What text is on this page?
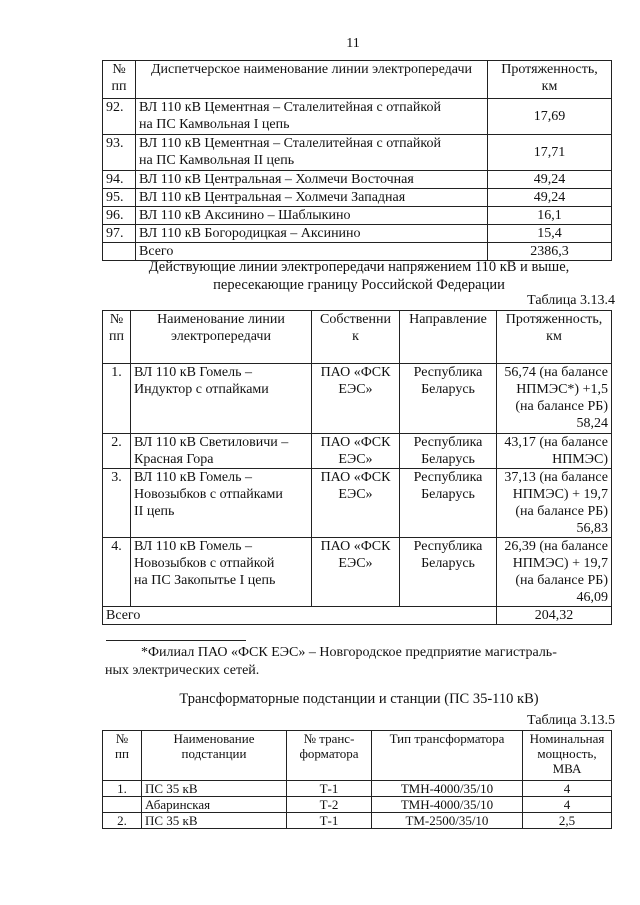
11
№
пп	Диспетчерское наименование линии электропередачи	Протяженность,
км
92.	ВЛ 110 кВ Цементная – Сталелитейная с отпайкой
на ПС Камвольная I цепь	17,69
93.	ВЛ 110 кВ Цементная – Сталелитейная с отпайкой
на ПС Камвольная II цепь	17,71
94.	ВЛ 110 кВ Центральная – Холмечи Восточная	49,24
95.	ВЛ 110 кВ Центральная – Холмечи Западная	49,24
96.	ВЛ 110 кВ Аксинино – Шаблыкино	16,1
97.	ВЛ 110 кВ Богородицкая – Аксинино	15,4
	Всего	2386,3
Действующие линии электропередачи напряжением 110 кВ и выше,
пересекающие границу Российской Федерации
Таблица 3.13.4
№
пп	Наименование линии
электропередачи	Собственни
к	Направление	Протяженность,
км
1.	ВЛ 110 кВ Гомель –
Индуктор с отпайками	ПАО «ФСК
ЕЭС»	Республика
Беларусь	56,74 (на балансе
НПМЭС*) +1,5
(на балансе РБ)
58,24
2.	ВЛ 110 кВ Светиловичи –
Красная Гора	ПАО «ФСК
ЕЭС»	Республика
Беларусь	43,17 (на балансе
НПМЭС)
3.	ВЛ 110 кВ Гомель –
Новозыбков с отпайками
II цепь	ПАО «ФСК
ЕЭС»	Республика
Беларусь	37,13 (на балансе
НПМЭС) + 19,7
(на балансе РБ)
56,83
4.	ВЛ 110 кВ Гомель –
Новозыбков с отпайкой
на ПС Закопытье I цепь	ПАО «ФСК
ЕЭС»	Республика
Беларусь	26,39 (на балансе
НПМЭС) + 19,7
(на балансе РБ)
46,09
Всего				204,32
*Филиал ПАО «ФСК ЕЭС» – Новгородское предприятие магистраль-
ных электрических сетей.
Трансформаторные подстанции и станции (ПС 35-110 кВ)
Таблица 3.13.5
№
пп	Наименование
подстанции	№ транс-
форматора	Тип трансформатора	Номинальная
мощность,
МВА
1.	ПС 35 кВ	Т-1	ТМН-4000/35/10	4
	Абаринская	Т-2	ТМН-4000/35/10	4
2.	ПС 35 кВ	Т-1	ТМ-2500/35/10	2,5
